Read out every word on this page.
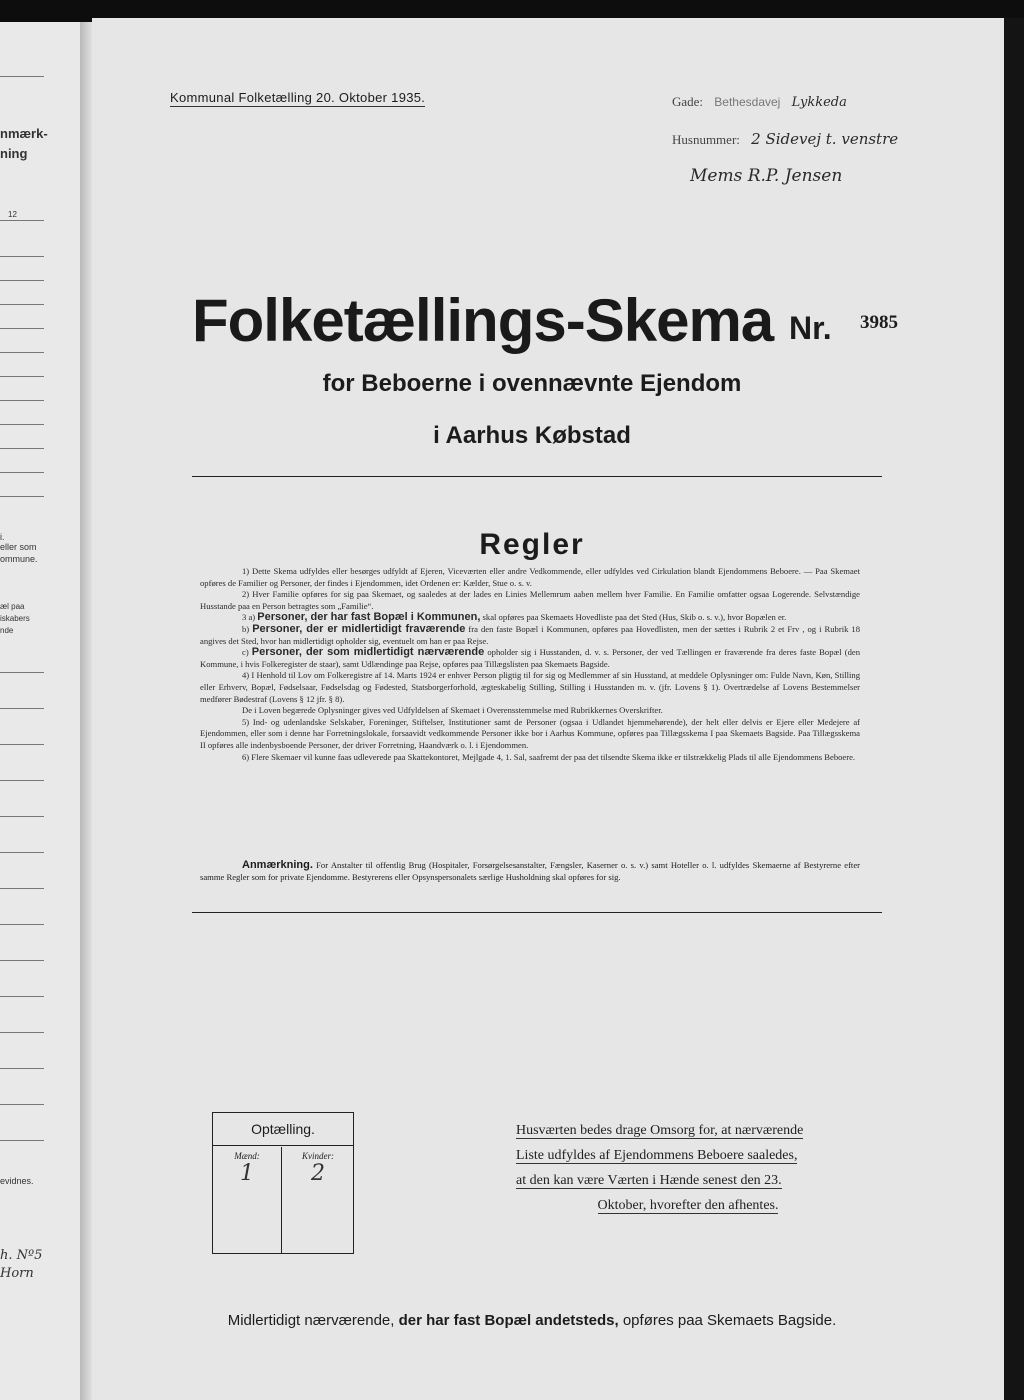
nmærk-
ning
12
i.
eller som
ommune.
æl paa
iskabers
nde
evidnes.
h. Nº5
Horn
Kommunal Folketælling 20. Oktober 1935.	Gade: Bethesdavej Lykkeda
Husnummer: 2 Sidevej t. venstre
Mems R.P. Jensen
Folketællings-Skema Nr. 3985
for Beboerne i ovennævnte Ejendom
i Aarhus Købstad
Regler

1) Dette Skema udfyldes eller besørges udfyldt af Ejeren, Viceværten eller andre Vedkommende, eller udfyldes ved Cirkulation blandt Ejendommens Beboere. — Paa Skemaet opføres de Familier og Personer, der findes i Ejendommen, idet Ordenen er: Kælder, Stue o. s. v.

2) Hver Familie opføres for sig paa Skemaet, og saaledes at der lades en Linies Mellemrum aaben mellem hver Familie. En Familie omfatter ogsaa Logerende. Selvstændige Husstande paa en Person betragtes som „Familie“.

3 a) Personer, der har fast Bopæl i Kommunen, skal opføres paa Skemaets Hovedliste paa det Sted (Hus, Skib o. s. v.), hvor Bopælen er.

b) Personer, der er midlertidigt fraværende fra den faste Bopæl i Kommunen, opføres paa Hovedlisten, men der sættes i Rubrik 2 et Frv , og i Rubrik 18 angives det Sted, hvor han midlertidigt opholder sig, eventuelt om han er paa Rejse.

c) Personer, der som midlertidigt nærværende opholder sig i Husstanden, d. v. s. Personer, der ved Tællingen er fraværende fra deres faste Bopæl (den Kommune, i hvis Folkeregister de staar), samt Udlændinge paa Rejse, opføres paa Tillægslisten paa Skemaets Bagside.

4) I Henhold til Lov om Folkeregistre af 14. Marts 1924 er enhver Person pligtig til for sig og Medlemmer af sin Husstand, at meddele Oplysninger om: Fulde Navn, Køn, Stilling eller Erhverv, Bopæl, Fødselsaar, Fødselsdag og Fødested, Statsborgerforhold, ægteskabelig Stilling, Stilling i Husstanden m. v. (jfr. Lovens § 1). Overtrædelse af Lovens Bestemmelser medfører Bødestraf (Lovens § 12 jfr. § 8).

De i Loven begærede Oplysninger gives ved Udfyldelsen af Skemaet i Overensstemmelse med Rubrikkernes Overskrifter.

5) Ind- og udenlandske Selskaber, Foreninger, Stiftelser, Institutioner samt de Personer (ogsaa i Udlandet hjemmehørende), der helt eller delvis er Ejere eller Medejere af Ejendommen, eller som i denne har Forretningslokale, forsaavidt vedkommende Personer ikke bor i Aarhus Kommune, opføres paa Tillægsskema I paa Skemaets Bagside. Paa Tillægsskema II opføres alle indenbysboende Personer, der driver Forretning, Haandværk o. l. i Ejendommen.

6) Flere Skemaer vil kunne faas udleverede paa Skattekontoret, Mejlgade 4, 1. Sal, saafremt der paa det tilsendte Skema ikke er tilstrækkelig Plads til alle Ejendommens Beboere.

Anmærkning. For Anstalter til offentlig Brug (Hospitaler, Forsørgelsesanstalter, Fængsler, Kaserner o. s. v.) samt Hoteller o. l. udfyldes Skemaerne af Bestyrerne efter samme Regler som for private Ejendomme. Bestyrerens eller Opsynspersonalets særlige Husholdning skal opføres for sig.
Optælling.
Mænd:
1
Kvinder:
2
Husværten bedes drage Omsorg for, at nærværende
Liste udfyldes af Ejendommens Beboere saaledes,
at den kan være Værten i Hænde senest den 23.
Oktober, hvorefter den afhentes.
Midlertidigt nærværende, der har fast Bopæl andetsteds, opføres paa Skemaets Bagside.
